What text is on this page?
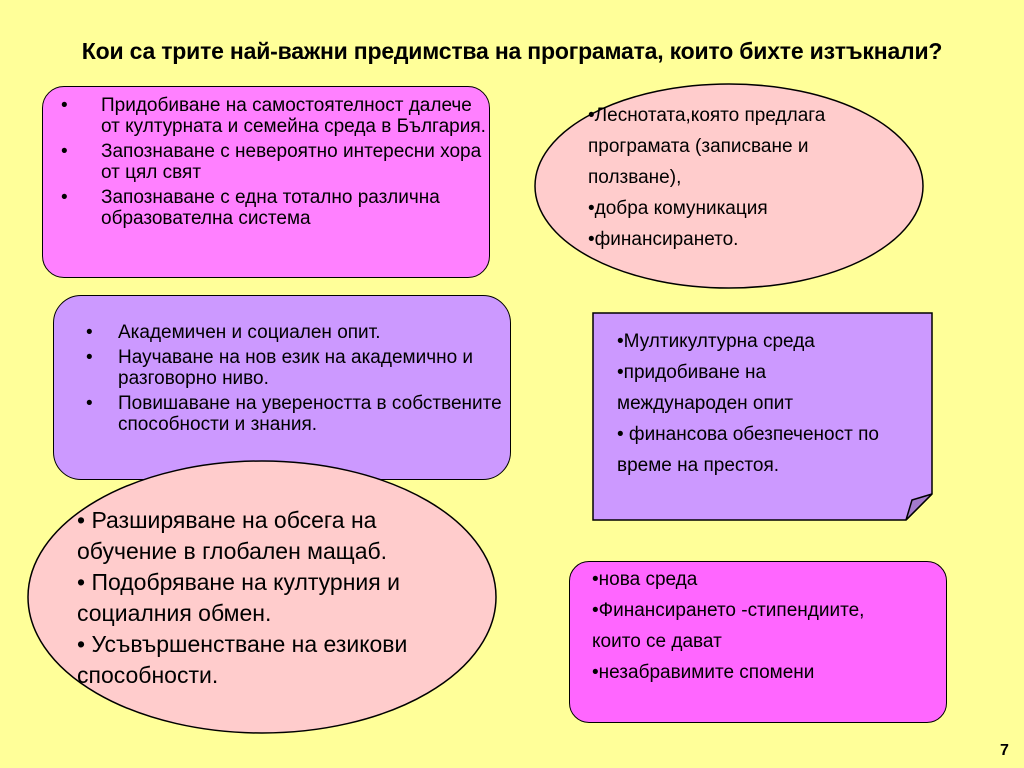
Кои са трите най-важни предимства на програмата, които бихте изтъкнали?
• Придобиване на самостоятелност далече от културната и семейна среда в България.
• Запознаване с невероятно интересни хора от цял свят
• Запознаване с една тотално различна образователна система
•Леснотата,която предлага
програмата (записване и
ползване),
•добра комуникация
•финансирането.
• Академичен и социален опит.
• Научаване на нов език на академично и разговорно ниво.
• Повишаване на увереността в собствените способности и знания.
•Мултикултурна среда
•придобиване на
международен опит
• финансова обезпеченост по
време на престоя.
• Разширяване на обсега на
обучение в глобален мащаб.
• Подобряване на културния и
социалния обмен.
• Усъвършенстване на езикови
способности.
•нова среда
•Финансирането -стипендиите,
които се дават
•незабравимите спомени
7
